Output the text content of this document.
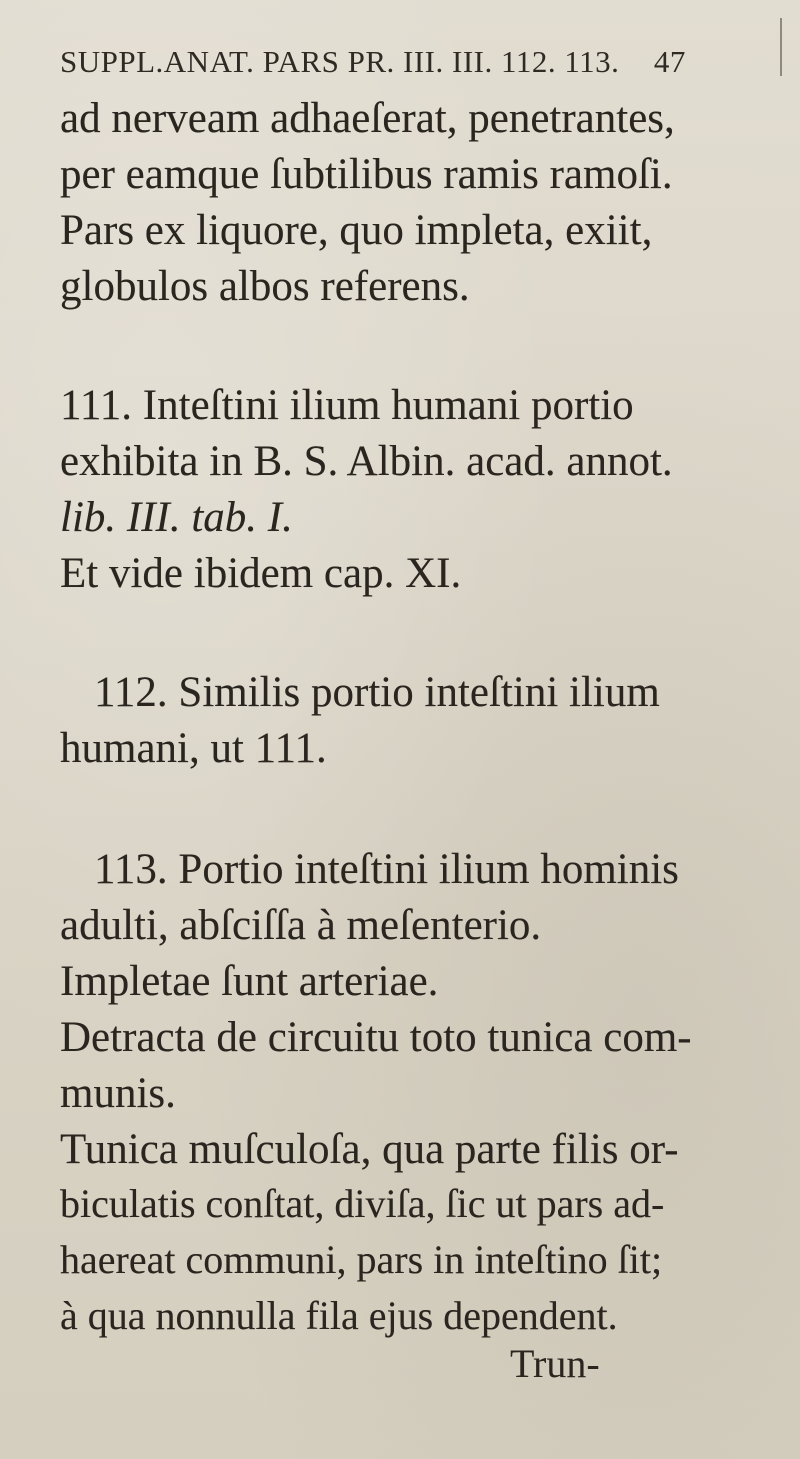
SUPPL.ANAT. PARS PR. III. III. 112. 113. 47
ad nerveam adhaeſerat, penetrantes,
per eamque ſubtilibus ramis ramoſi.
Pars ex liquore, quo impleta, exiit,
globulos albos referens.
111. Inteſtini ilium humani portio
exhibita in B. S. Albin. acad. annot.
lib. III. tab. I.
Et vide ibidem cap. XI.
112. Similis portio inteſtini ilium
humani, ut 111.
113. Portio inteſtini ilium hominis
adulti, abſciſſa à meſenterio.
Impletae ſunt arteriae.
Detracta de circuitu toto tunica com-
munis.
Tunica muſculoſa, qua parte filis or-
biculatis conſtat, diviſa, ſic ut pars ad-
haereat communi, pars in inteſtino ſit;
à qua nonnulla fila ejus dependent.
Trun-
